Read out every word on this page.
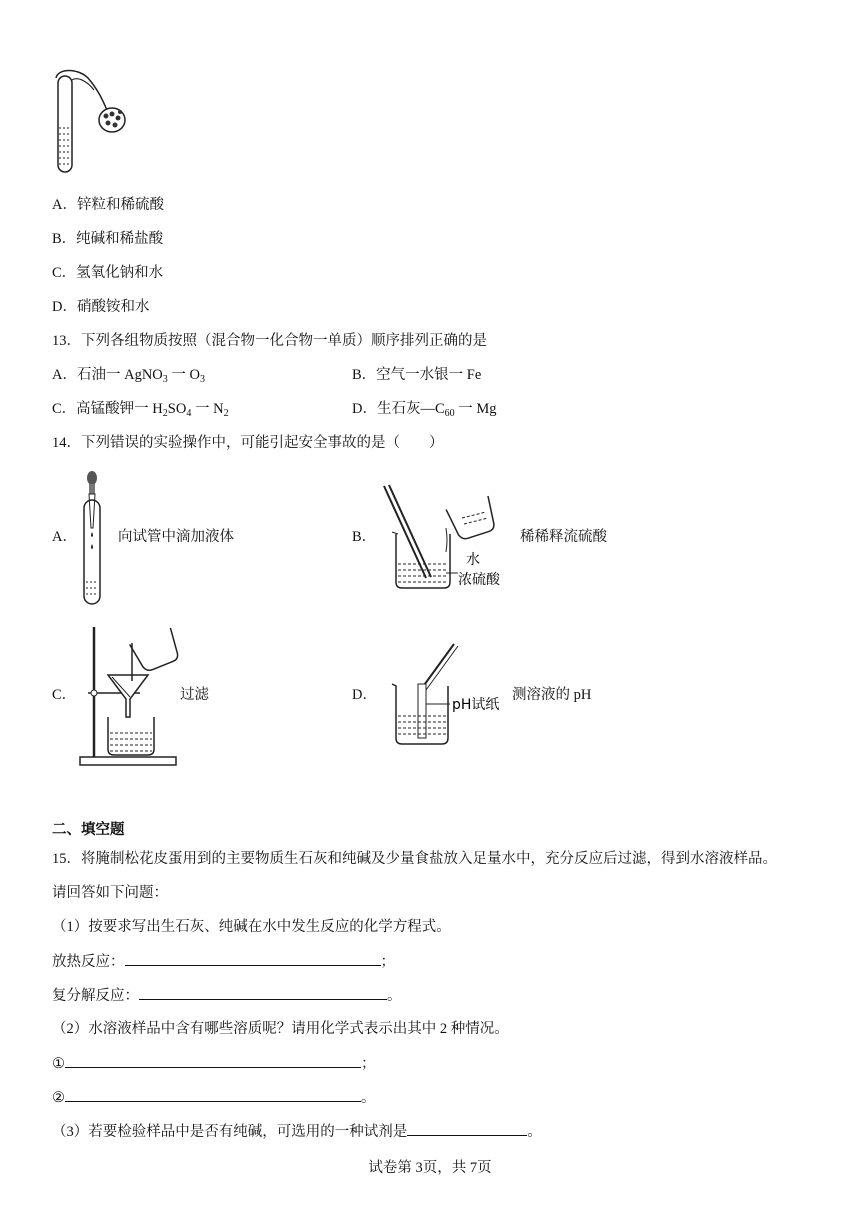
A．锌粒和稀硫酸
B．纯碱和稀盐酸
C．氢氧化钠和水
D．硝酸铵和水
13．下列各组物质按照（混合物一化合物一单质）顺序排列正确的是
A．石油一 AgNO$_3$ 一 $O_3$	B．空气一水银一 Fe
C．高锰酸钾一 $H_2SO_4$ 一 $N_2$	D．生石灰$—C_{60}$ 一 Mg
14．下列错误的实验操作中，可能引起安全事故的是（　　）
A．	向试管中滴加液体
水
浓硫酸
B．	稀稀释流硫酸
C．	过滤
pH试纸
D．	测溶液的 pH
二、填空题
15．将腌制松花皮蛋用到的主要物质生石灰和纯碱及少量食盐放入足量水中，充分反应后过滤，得到水溶液样品。
请回答如下问题：
（1）按要求写出生石灰、纯碱在水中发生反应的化学方程式。
放热反应：	；
复分解反应：	。
（2）水溶液样品中含有哪些溶质呢？请用化学式表示出其中 2 种情况。
①	；
②	。
（3）若要检验样品中是否有纯碱，可选用的一种试剂是	。
试卷第 3页，共 7页
